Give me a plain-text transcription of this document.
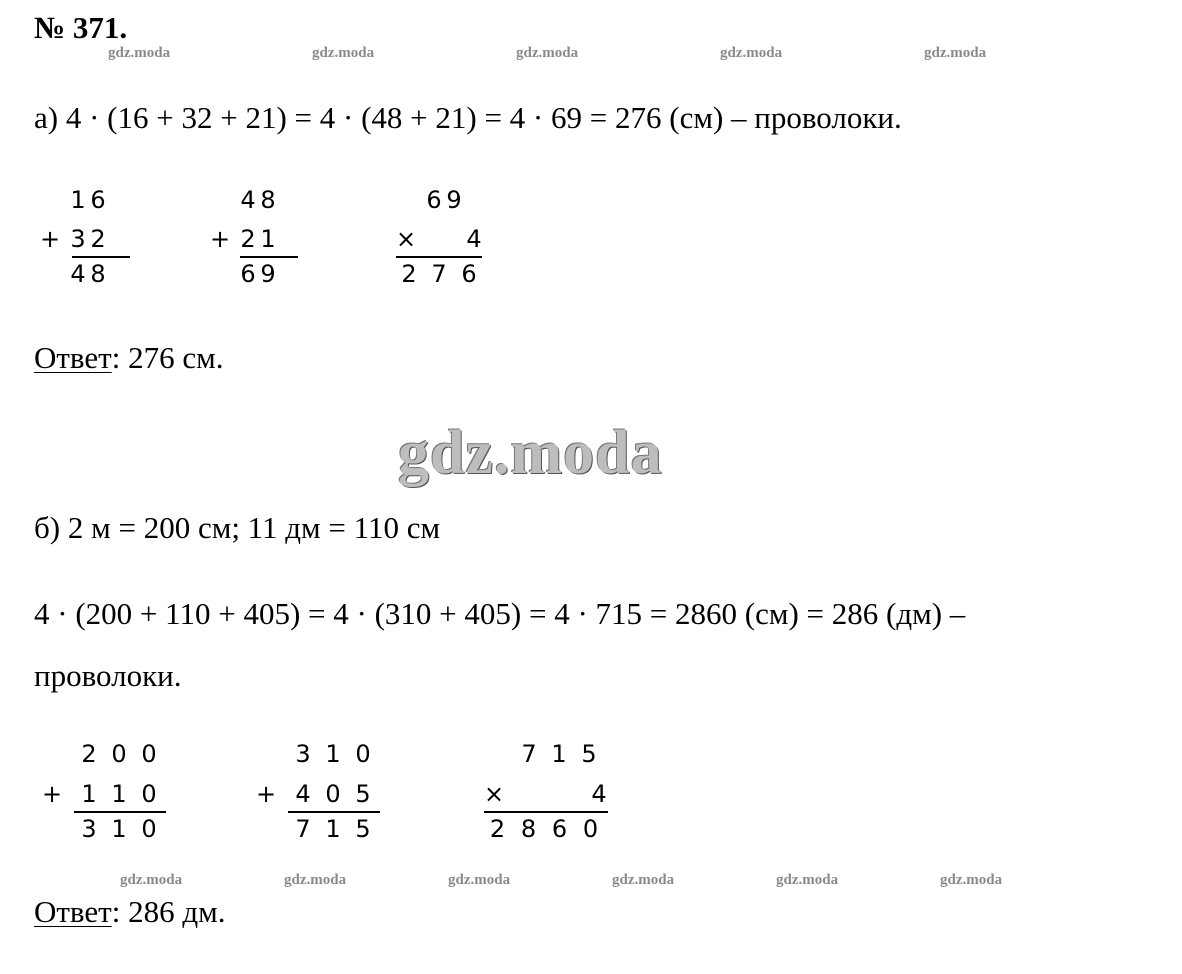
№ 371.
gdz.moda	gdz.moda	gdz.moda	gdz.moda	gdz.moda
а) 4 · (16 + 32 + 21) = 4 · (48 + 21) = 4 · 69 = 276 (см) – проволоки.
1 6
+ 3 2
4 8
4 8
+ 2 1
6 9
6 9
× 4
2 7 6
Ответ: 276 см.
gdz.moda
б) 2 м = 200 см; 11 дм = 110 см
4 · (200 + 110 + 405) = 4 · (310 + 405) = 4 · 715 = 2860 (см) = 286 (дм) –
проволоки.
2 0 0
+ 1 1 0
3 1 0
3 1 0
+ 4 0 5
7 1 5
7 1 5
×	4
2 8 6 0
gdz.moda	gdz.moda	gdz.moda	gdz.moda	gdz.moda	gdz.moda
Ответ: 286 дм.
